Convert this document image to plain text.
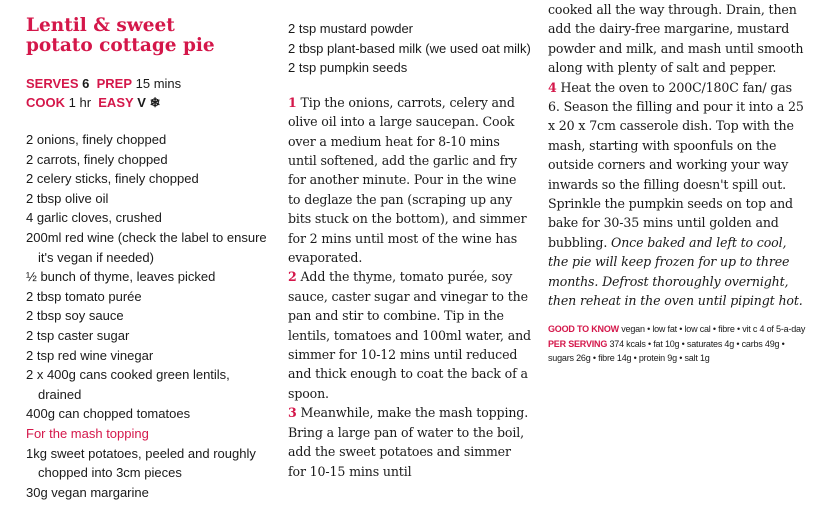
Lentil & sweet
potato cottage pie
SERVES 6 PREP 15 mins
COOK 1 hr EASY V ❄
2 onions, finely chopped
2 carrots, finely chopped
2 celery sticks, finely chopped
2 tbsp olive oil
4 garlic cloves, crushed
200ml red wine (check the label to ensure it's vegan if needed)
½ bunch of thyme, leaves picked
2 tbsp tomato purée
2 tbsp soy sauce
2 tsp caster sugar
2 tsp red wine vinegar
2 x 400g cans cooked green lentils, drained
400g can chopped tomatoes
For the mash topping
1kg sweet potatoes, peeled and roughly chopped into 3cm pieces
30g vegan margarine
2 tsp mustard powder
2 tbsp plant-based milk (we used oat milk)
2 tsp pumpkin seeds

1 Tip the onions, carrots, celery and olive oil into a large saucepan. Cook over a medium heat for 8-10 mins until softened, add the garlic and fry for another minute. Pour in the wine to deglaze the pan (scraping up any bits stuck on the bottom), and simmer for 2 mins until most of the wine has evaporated.

2 Add the thyme, tomato purée, soy sauce, caster sugar and vinegar to the pan and stir to combine. Tip in the lentils, tomatoes and 100ml water, and simmer for 10-12 mins until reduced and thick enough to coat the back of a spoon.

3 Meanwhile, make the mash topping. Bring a large pan of water to the boil, add the sweet potatoes and simmer for 10-15 mins until

cooked all the way through. Drain, then add the dairy-free margarine, mustard powder and milk, and mash until smooth along with plenty of salt and pepper.

4 Heat the oven to 200C/180C fan/ gas 6. Season the filling and pour it into a 25 x 20 x 7cm casserole dish. Top with the mash, starting with spoonfuls on the outside corners and working your way inwards so the filling doesn't spill out. Sprinkle the pumpkin seeds on top and bake for 30-35 mins until golden and bubbling. Once baked and left to cool, the pie will keep frozen for up to three months. Defrost thoroughly overnight, then reheat in the oven until pipingt hot.

GOOD TO KNOW vegan • low fat • low cal • fibre • vit c 4 of 5-a-day
PER SERVING 374 kcals • fat 10g • saturates 4g • carbs 49g • sugars 26g • fibre 14g • protein 9g • salt 1g
